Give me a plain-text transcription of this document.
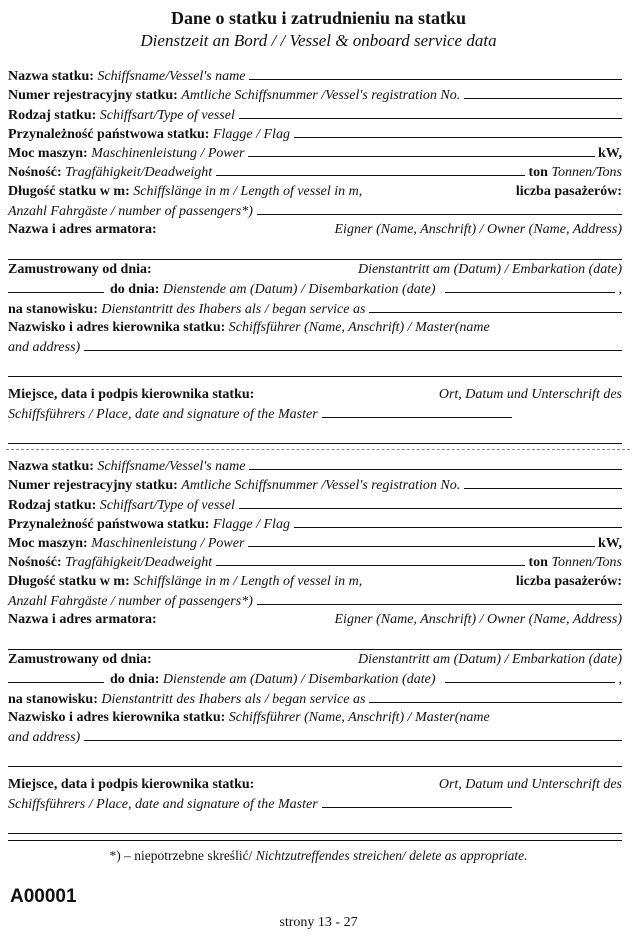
Dane o statku i zatrudnieniu na statku
Dienstzeit an Bord / / Vessel & onboard service data
Nazwa statku:
Schiffsname/Vessel's name
Numer rejestracyjny statku:
Amtliche Schiffsnummer /Vessel's registration No.
Rodzaj statku:
Schiffsart/Type of vessel
Przynależność państwowa statku:
Flagge / Flag
Moc maszyn:
Maschinenleistung / Power	kW,
Nośność:
Tragfähigkeit/Deadweight	ton
Tonnen/Tons
Długość statku w m: Schiffslänge in m / Length of vessel in m,	liczba pasażerów:
Anzahl Fahrgäste / number of passengers*)
Nazwa i adres armatora:	Eigner (Name, Anschrift) / Owner (Name, Address)
Zamustrowany od dnia:	Dienstantritt am (Datum) / Embarkation (date)
do dnia:
Dienstende am (Datum) / Disembarkation (date)	,
na stanowisku:
Dienstantritt des Ihabers als / began service as
Nazwisko i adres kierownika statku:
Schiffsführer (Name, Anschrift) / Master(name
and address)
Miejsce, data i podpis kierownika statku:	Ort, Datum und Unterschrift des
Schiffsführers / Place, date and signature of the Master
Nazwa statku:
Schiffsname/Vessel's name
Numer rejestracyjny statku:
Amtliche Schiffsnummer /Vessel's registration No.
Rodzaj statku:
Schiffsart/Type of vessel
Przynależność państwowa statku:
Flagge / Flag
Moc maszyn:
Maschinenleistung / Power	kW,
Nośność:
Tragfähigkeit/Deadweight	ton
Tonnen/Tons
Długość statku w m: Schiffslänge in m / Length of vessel in m,	liczba pasażerów:
Anzahl Fahrgäste / number of passengers*)
Nazwa i adres armatora:	Eigner (Name, Anschrift) / Owner (Name, Address)
Zamustrowany od dnia:	Dienstantritt am (Datum) / Embarkation (date)
do dnia:
Dienstende am (Datum) / Disembarkation (date)	,
na stanowisku:
Dienstantritt des Ihabers als / began service as
Nazwisko i adres kierownika statku:
Schiffsführer (Name, Anschrift) / Master(name
and address)
Miejsce, data i podpis kierownika statku:	Ort, Datum und Unterschrift des
Schiffsführers / Place, date and signature of the Master
*) – niepotrzebne skreślić/ Nichtzutreffendes streichen/ delete as appropriate.
A00001
strony 13 - 27
